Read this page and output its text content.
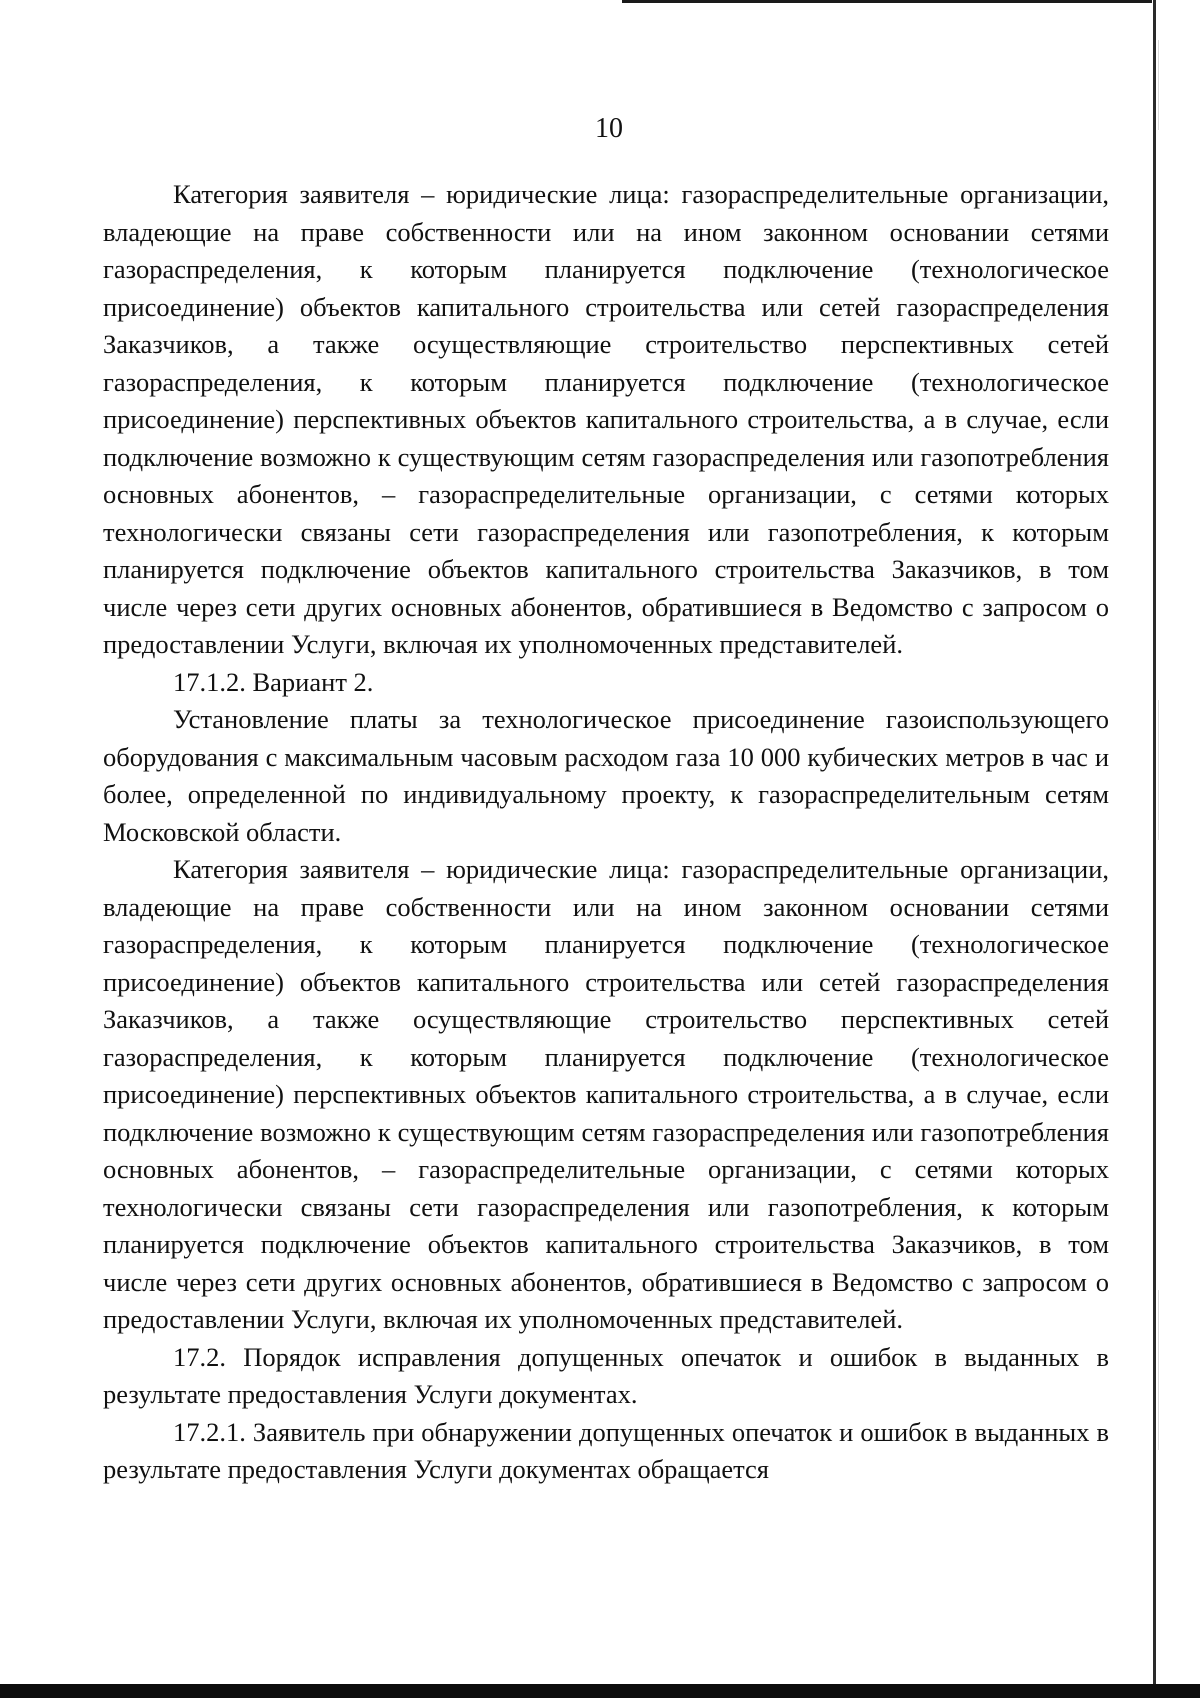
10

Категория заявителя – юридические лица: газораспределительные организации, владеющие на праве собственности или на ином законном основании сетями газораспределения, к которым планируется подключение (технологическое присоединение) объектов капитального строительства или сетей газораспределения Заказчиков, а также осуществляющие строительство перспективных сетей газораспределения, к которым планируется подключение (технологическое присоединение) перспективных объектов капитального строительства, а в случае, если подключение возможно к существующим сетям газораспределения или газопотребления основных абонентов, – газораспределительные организации, с сетями которых технологически связаны сети газораспределения или газопотребления, к которым планируется подключение объектов капитального строительства Заказчиков, в том числе через сети других основных абонентов, обратившиеся в Ведомство с запросом о предоставлении Услуги, включая их уполномоченных представителей.

17.1.2. Вариант 2.

Установление платы за технологическое присоединение газоиспользующего оборудования с максимальным часовым расходом газа 10 000 кубических метров в час и более, определенной по индивидуальному проекту, к газораспределительным сетям Московской области.

Категория заявителя – юридические лица: газораспределительные организации, владеющие на праве собственности или на ином законном основании сетями газораспределения, к которым планируется подключение (технологическое присоединение) объектов капитального строительства или сетей газораспределения Заказчиков, а также осуществляющие строительство перспективных сетей газораспределения, к которым планируется подключение (технологическое присоединение) перспективных объектов капитального строительства, а в случае, если подключение возможно к существующим сетям газораспределения или газопотребления основных абонентов, – газораспределительные организации, с сетями которых технологически связаны сети газораспределения или газопотребления, к которым планируется подключение объектов капитального строительства Заказчиков, в том числе через сети других основных абонентов, обратившиеся в Ведомство с запросом о предоставлении Услуги, включая их уполномоченных представителей.

17.2. Порядок исправления допущенных опечаток и ошибок в выданных в результате предоставления Услуги документах.

17.2.1. Заявитель при обнаружении допущенных опечаток и ошибок в выданных в результате предоставления Услуги документах обращается
